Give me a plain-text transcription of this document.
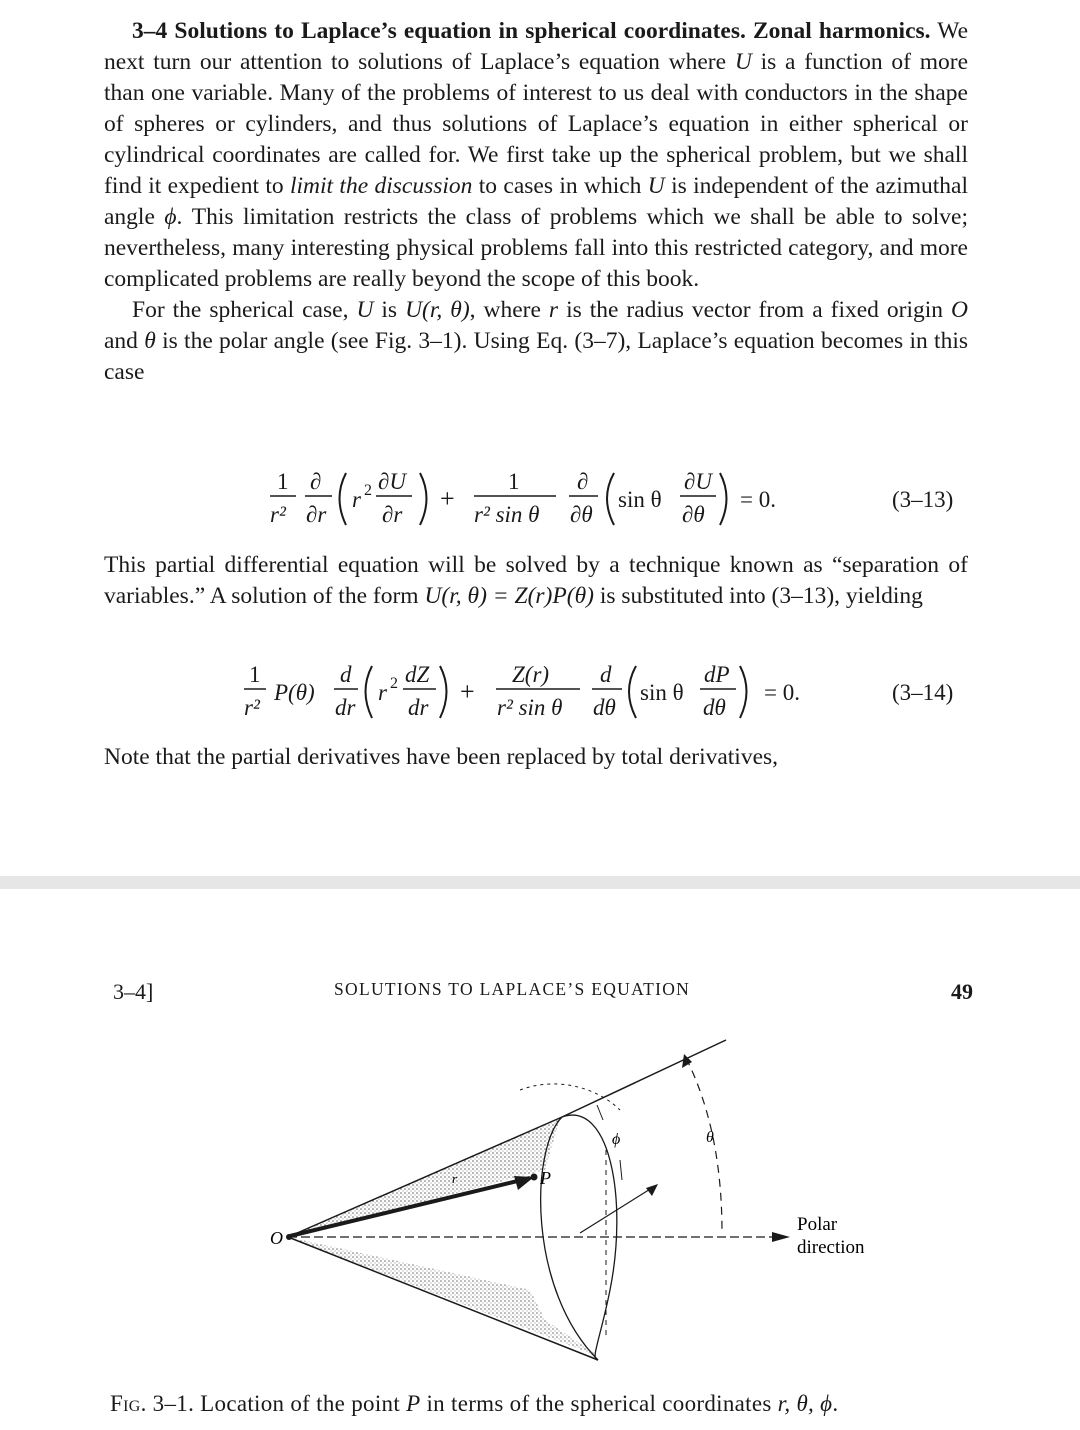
3–4 Solutions to Laplace’s equation in spherical coordinates. Zonal harmonics. We next turn our attention to solutions of Laplace’s equation where U is a function of more than one variable. Many of the problems of interest to us deal with conductors in the shape of spheres or cylinders, and thus solutions of Laplace’s equation in either spherical or cylindrical coordinates are called for. We first take up the spherical problem, but we shall find it expedient to limit the discussion to cases in which U is independent of the azimuthal angle ϕ. This limitation restricts the class of problems which we shall be able to solve; nevertheless, many interesting physical problems fall into this restricted category, and more complicated problems are really beyond the scope of this book.

For the spherical case, U is U(r, θ), where r is the radius vector from a fixed origin O and θ is the polar angle (see Fig. 3–1). Using Eq. (3–7), Laplace’s equation becomes in this case

1
r²
∂
∂r
r 2 ∂U
∂r
+
1
r² sin θ
∂
∂θ
sin θ
∂U
∂θ
= 0.	(3–13)

This partial differential equation will be solved by a technique known as “separation of variables.” A solution of the form U(r, θ) = Z(r)P(θ) is substituted into (3–13), yielding

1
r²
P(θ)
d
dr
r 2 dZ
dr
+
Z(r)
r² sin θ
d
dθ
sin θ
dP
dθ
= 0.	(3–14)

Note that the partial derivatives have been replaced by total derivatives,

3–4]	SOLUTIONS TO LAPLACE’S EQUATION	49
O
P
r
ϕ	θ
Polar
direction
Fig. 3–1. Location of the point P in terms of the spherical coordinates r, θ, ϕ.
